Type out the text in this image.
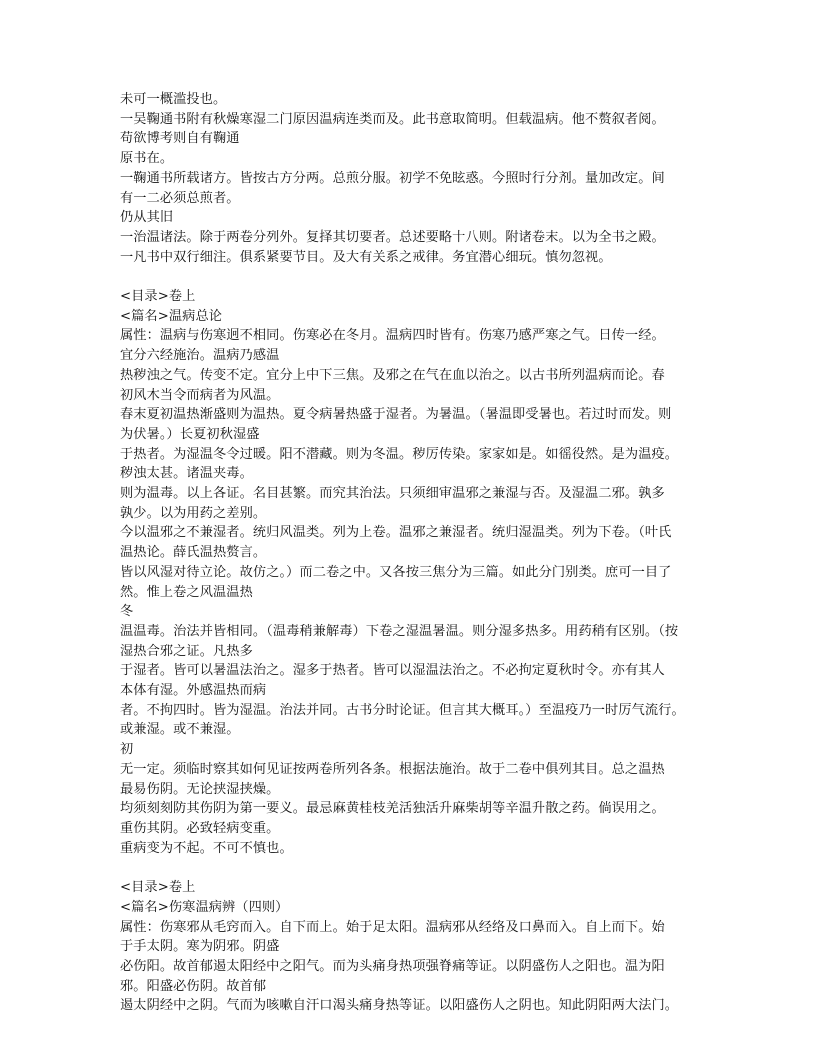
未可一概滥投也。
一吴鞠通书附有秋燥寒湿二门原因温病连类而及。此书意取简明。但载温病。他不赘叙者阅。
苟欲博考则自有鞠通
原书在。
一鞠通书所载诸方。皆按古方分两。总煎分服。初学不免眩惑。今照时行分剂。量加改定。间
有一二必须总煎者。
仍从其旧
一治温诸法。除于两卷分列外。复择其切要者。总述要略十八则。附诸卷末。以为全书之殿。
一凡书中双行细注。俱系紧要节目。及大有关系之戒律。务宜潜心细玩。慎勿忽视。
<目录>卷上
<篇名>温病总论
属性：温病与伤寒迥不相同。伤寒必在冬月。温病四时皆有。伤寒乃感严寒之气。日传一经。
宜分六经施治。温病乃感温
热秽浊之气。传变不定。宜分上中下三焦。及邪之在气在血以治之。以古书所列温病而论。春
初风木当令而病者为风温。
春末夏初温热渐盛则为温热。夏令病暑热盛于湿者。为暑温。（暑温即受暑也。若过时而发。则
为伏暑。）长夏初秋湿盛
于热者。为湿温冬令过暖。阳不潜藏。则为冬温。秽厉传染。家家如是。如徭役然。是为温疫。
秽浊太甚。诸温夹毒。
则为温毒。以上各证。名目甚繁。而究其治法。只须细审温邪之兼湿与否。及湿温二邪。孰多
孰少。以为用药之差别。
今以温邪之不兼湿者。统归风温类。列为上卷。温邪之兼湿者。统归湿温类。列为下卷。（叶氏
温热论。薛氏温热赘言。
皆以风湿对待立论。故仿之。）而二卷之中。又各按三焦分为三篇。如此分门别类。庶可一目了
然。惟上卷之风温温热
冬
温温毒。治法并皆相同。（温毒稍兼解毒）下卷之湿温暑温。则分湿多热多。用药稍有区别。（按
湿热合邪之证。凡热多
于湿者。皆可以暑温法治之。湿多于热者。皆可以湿温法治之。不必拘定夏秋时令。亦有其人
本体有湿。外感温热而病
者。不拘四时。皆为湿温。治法并同。古书分时论证。但言其大概耳。）至温疫乃一时厉气流行。
或兼湿。或不兼湿。
初
无一定。须临时察其如何见证按两卷所列各条。根据法施治。故于二卷中俱列其目。总之温热
最易伤阴。无论挟湿挟燥。
均须刻刻防其伤阴为第一要义。最忌麻黄桂枝羌活独活升麻柴胡等辛温升散之药。倘误用之。
重伤其阴。必致轻病变重。
重病变为不起。不可不慎也。
<目录>卷上
<篇名>伤寒温病辨（四则）
属性：伤寒邪从毛窍而入。自下而上。始于足太阳。温病邪从经络及口鼻而入。自上而下。始
于手太阴。寒为阴邪。阴盛
必伤阳。故首郁遏太阳经中之阳气。而为头痛身热项强脊痛等证。以阴盛伤人之阳也。温为阳
邪。阳盛必伤阴。故首郁
遏太阴经中之阴。气而为咳嗽自汗口渴头痛身热等证。以阳盛伤人之阴也。知此阴阳两大法门。
